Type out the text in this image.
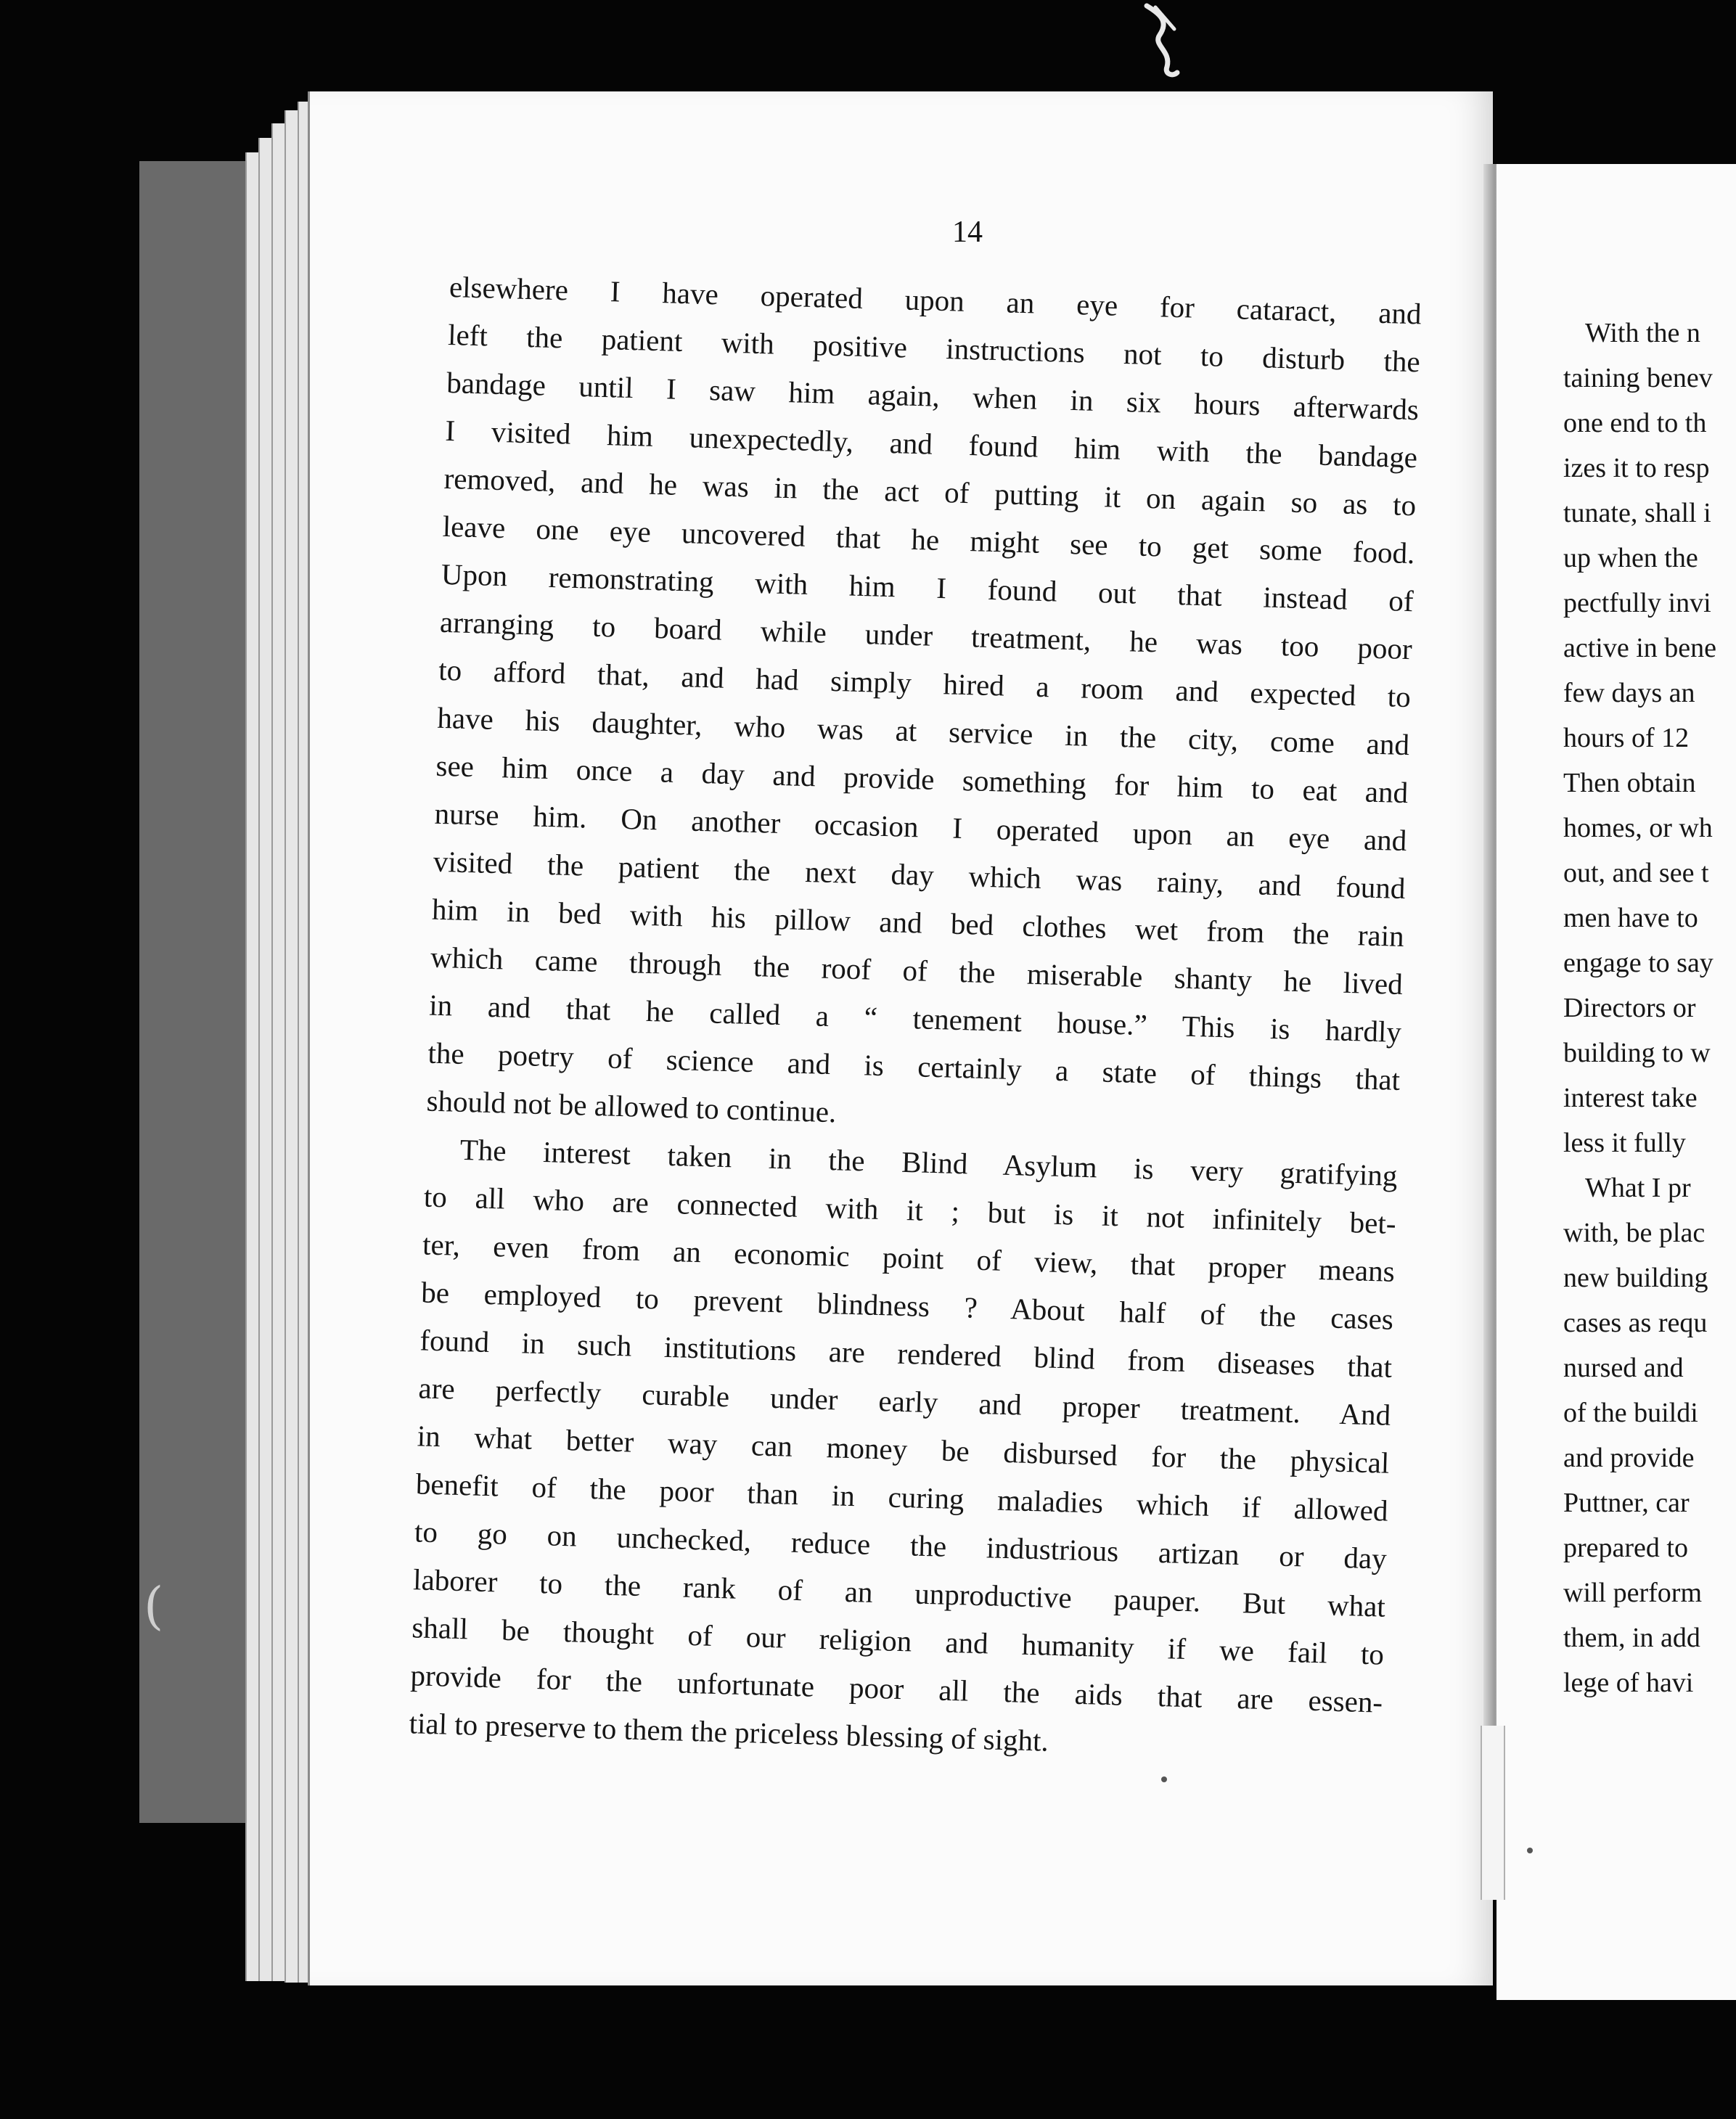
14
elsewhere I have operated upon an eye for cataract, and
left the patient with positive instructions not to disturb the
bandage until I saw him again, when in six hours afterwards
I visited him unexpectedly, and found him with the bandage
removed, and he was in the act of putting it on again so as to
leave one eye uncovered that he might see to get some food.
Upon remonstrating with him I found out that instead of
arranging to board while under treatment, he was too poor
to afford that, and had simply hired a room and expected to
have his daughter, who was at service in the city, come and
see him once a day and provide something for him to eat and
nurse him. On another occasion I operated upon an eye and
visited the patient the next day which was rainy, and found
him in bed with his pillow and bed clothes wet from the rain
which came through the roof of the miserable shanty he lived
in and that he called a “ tenement house.” This is hardly
the poetry of science and is certainly a state of things that
should not be allowed to continue.
The interest taken in the Blind Asylum is very gratifying
to all who are connected with it ; but is it not infinitely bet-
ter, even from an economic point of view, that proper means
be employed to prevent blindness ? About half of the cases
found in such institutions are rendered blind from diseases that
are perfectly curable under early and proper treatment. And
in what better way can money be disbursed for the physical
benefit of the poor than in curing maladies which if allowed
to go on unchecked, reduce the industrious artizan or day
laborer to the rank of an unproductive pauper. But what
shall be thought of our religion and humanity if we fail to
provide for the unfortunate poor all the aids that are essen-
tial to preserve to them the priceless blessing of sight.
With the n
taining benev
one end to th
izes it to resp
tunate, shall i
up when the
pectfully invi
active in bene
few days an
hours of 12
Then obtain
homes, or wh
out, and see t
men have to
engage to say
Directors or
building to w
interest take
less it fully
What I pr
with, be plac
new building
cases as requ
nursed and
of the buildi
and provide
Puttner, car
prepared to
will perform
them, in add
lege of havi
(
